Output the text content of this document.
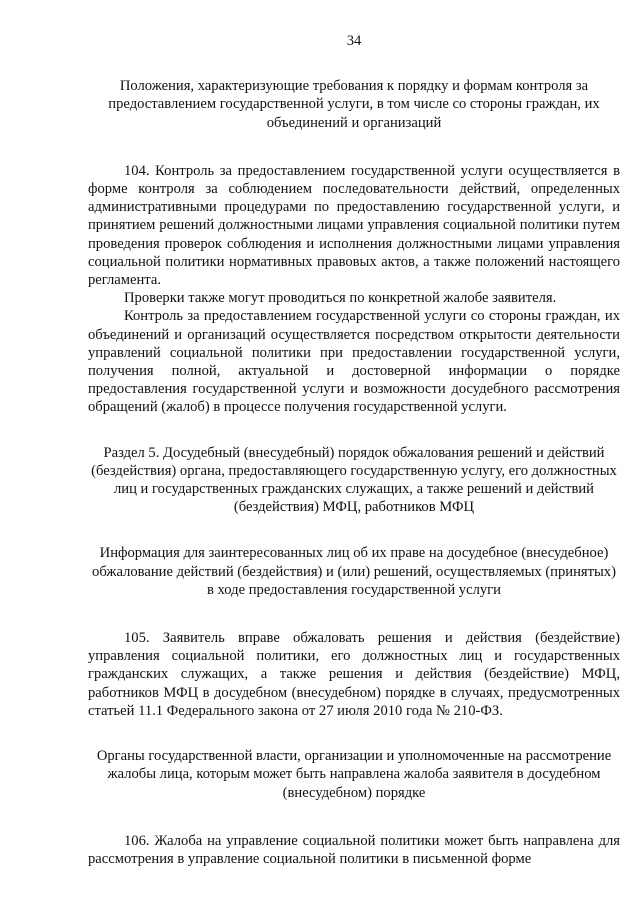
34
Положения, характеризующие требования к порядку и формам контроля за предоставлением государственной услуги, в том числе со стороны граждан, их объединений и организаций

104. Контроль за предоставлением государственной услуги осуществляется в форме контроля за соблюдением последовательности действий, определенных административными процедурами по предоставлению государственной услуги, и принятием решений должностными лицами управления социальной политики путем проведения проверок соблюдения и исполнения должностными лицами управления социальной политики нормативных правовых актов, а также положений настоящего регламента.

Проверки также могут проводиться по конкретной жалобе заявителя.

Контроль за предоставлением государственной услуги со стороны граждан, их объединений и организаций осуществляется посредством открытости деятельности управлений социальной политики при предоставлении государственной услуги, получения полной, актуальной и достоверной информации о порядке предоставления государственной услуги и возможности досудебного рассмотрения обращений (жалоб) в процессе получения государственной услуги.

Раздел 5. Досудебный (внесудебный) порядок обжалования решений и действий (бездействия) органа, предоставляющего государственную услугу, его должностных лиц и государственных гражданских служащих, а также решений и действий (бездействия) МФЦ, работников МФЦ
Информация для заинтересованных лиц об их праве на досудебное (внесудебное) обжалование действий (бездействия) и (или) решений, осуществляемых (принятых) в ходе предоставления государственной услуги

105. Заявитель вправе обжаловать решения и действия (бездействие) управления социальной политики, его должностных лиц и государственных гражданских служащих, а также решения и действия (бездействие) МФЦ, работников МФЦ в досудебном (внесудебном) порядке в случаях, предусмотренных статьей 11.1 Федерального закона от 27 июля 2010 года № 210-ФЗ.

Органы государственной власти, организации и уполномоченные на рассмотрение жалобы лица, которым может быть направлена жалоба заявителя в досудебном (внесудебном) порядке

106. Жалоба на управление социальной политики может быть направлена для рассмотрения в управление социальной политики в письменной форме
